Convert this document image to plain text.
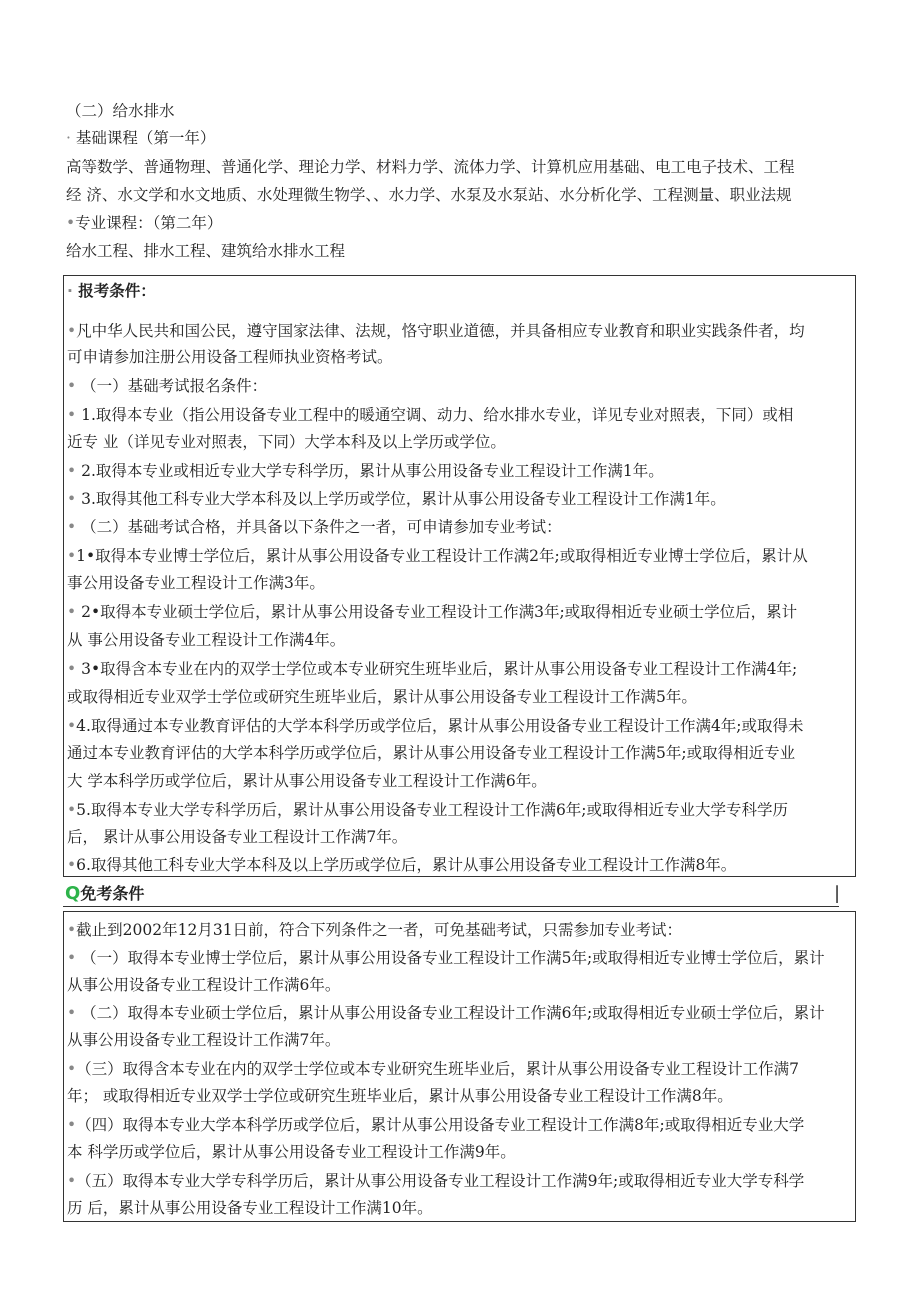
（二）给水排水
· 基础课程（第一年）
高等数学、普通物理、普通化学、理论力学、材料力学、流体力学、计算机应用基础、电工电子技术、工程
经 济、水文学和水文地质、水处理微生物学、、水力学、水泵及水泵站、水分析化学、工程测量、职业法规
•专业课程：（第二年）
给水工程、排水工程、建筑给水排水工程
· 报考条件：
•凡中华人民共和国公民，遵守国家法律、法规，恪守职业道德，并具备相应专业教育和职业实践条件者，均
可申请参加注册公用设备工程师执业资格考试。
• （一）基础考试报名条件：
• 1.取得本专业（指公用设备专业工程中的暖通空调、动力、给水排水专业，详见专业对照表，下同）或相
近专 业（详见专业对照表，下同）大学本科及以上学历或学位。
• 2.取得本专业或相近专业大学专科学历，累计从事公用设备专业工程设计工作满1年。
• 3.取得其他工科专业大学本科及以上学历或学位，累计从事公用设备专业工程设计工作满1年。
• （二）基础考试合格，并具备以下条件之一者，可申请参加专业考试：
•1•取得本专业博士学位后，累计从事公用设备专业工程设计工作满2年;或取得相近专业博士学位后，累计从
事公用设备专业工程设计工作满3年。
• 2•取得本专业硕士学位后，累计从事公用设备专业工程设计工作满3年;或取得相近专业硕士学位后，累计
从 事公用设备专业工程设计工作满4年。
• 3•取得含本专业在内的双学士学位或本专业研究生班毕业后，累计从事公用设备专业工程设计工作满4年;
或取得相近专业双学士学位或研究生班毕业后，累计从事公用设备专业工程设计工作满5年。
•4.取得通过本专业教育评估的大学本科学历或学位后，累计从事公用设备专业工程设计工作满4年;或取得未
通过本专业教育评估的大学本科学历或学位后，累计从事公用设备专业工程设计工作满5年;或取得相近专业
大 学本科学历或学位后，累计从事公用设备专业工程设计工作满6年。
•5.取得本专业大学专科学历后，累计从事公用设备专业工程设计工作满6年;或取得相近专业大学专科学历
后， 累计从事公用设备专业工程设计工作满7年。
•6.取得其他工科专业大学本科及以上学历或学位后，累计从事公用设备专业工程设计工作满8年。
Q免考条件	|
•截止到2002年12月31日前，符合下列条件之一者，可免基础考试，只需参加专业考试：
• （一）取得本专业博士学位后，累计从事公用设备专业工程设计工作满5年;或取得相近专业博士学位后，累计
从事公用设备专业工程设计工作满6年。
• （二）取得本专业硕士学位后，累计从事公用设备专业工程设计工作满6年;或取得相近专业硕士学位后，累计
从事公用设备专业工程设计工作满7年。
•（三）取得含本专业在内的双学士学位或本专业研究生班毕业后，累计从事公用设备专业工程设计工作满7
年； 或取得相近专业双学士学位或研究生班毕业后，累计从事公用设备专业工程设计工作满8年。
•（四）取得本专业大学本科学历或学位后，累计从事公用设备专业工程设计工作满8年;或取得相近专业大学
本 科学历或学位后，累计从事公用设备专业工程设计工作满9年。
•（五）取得本专业大学专科学历后，累计从事公用设备专业工程设计工作满9年;或取得相近专业大学专科学
历 后，累计从事公用设备专业工程设计工作满10年。
